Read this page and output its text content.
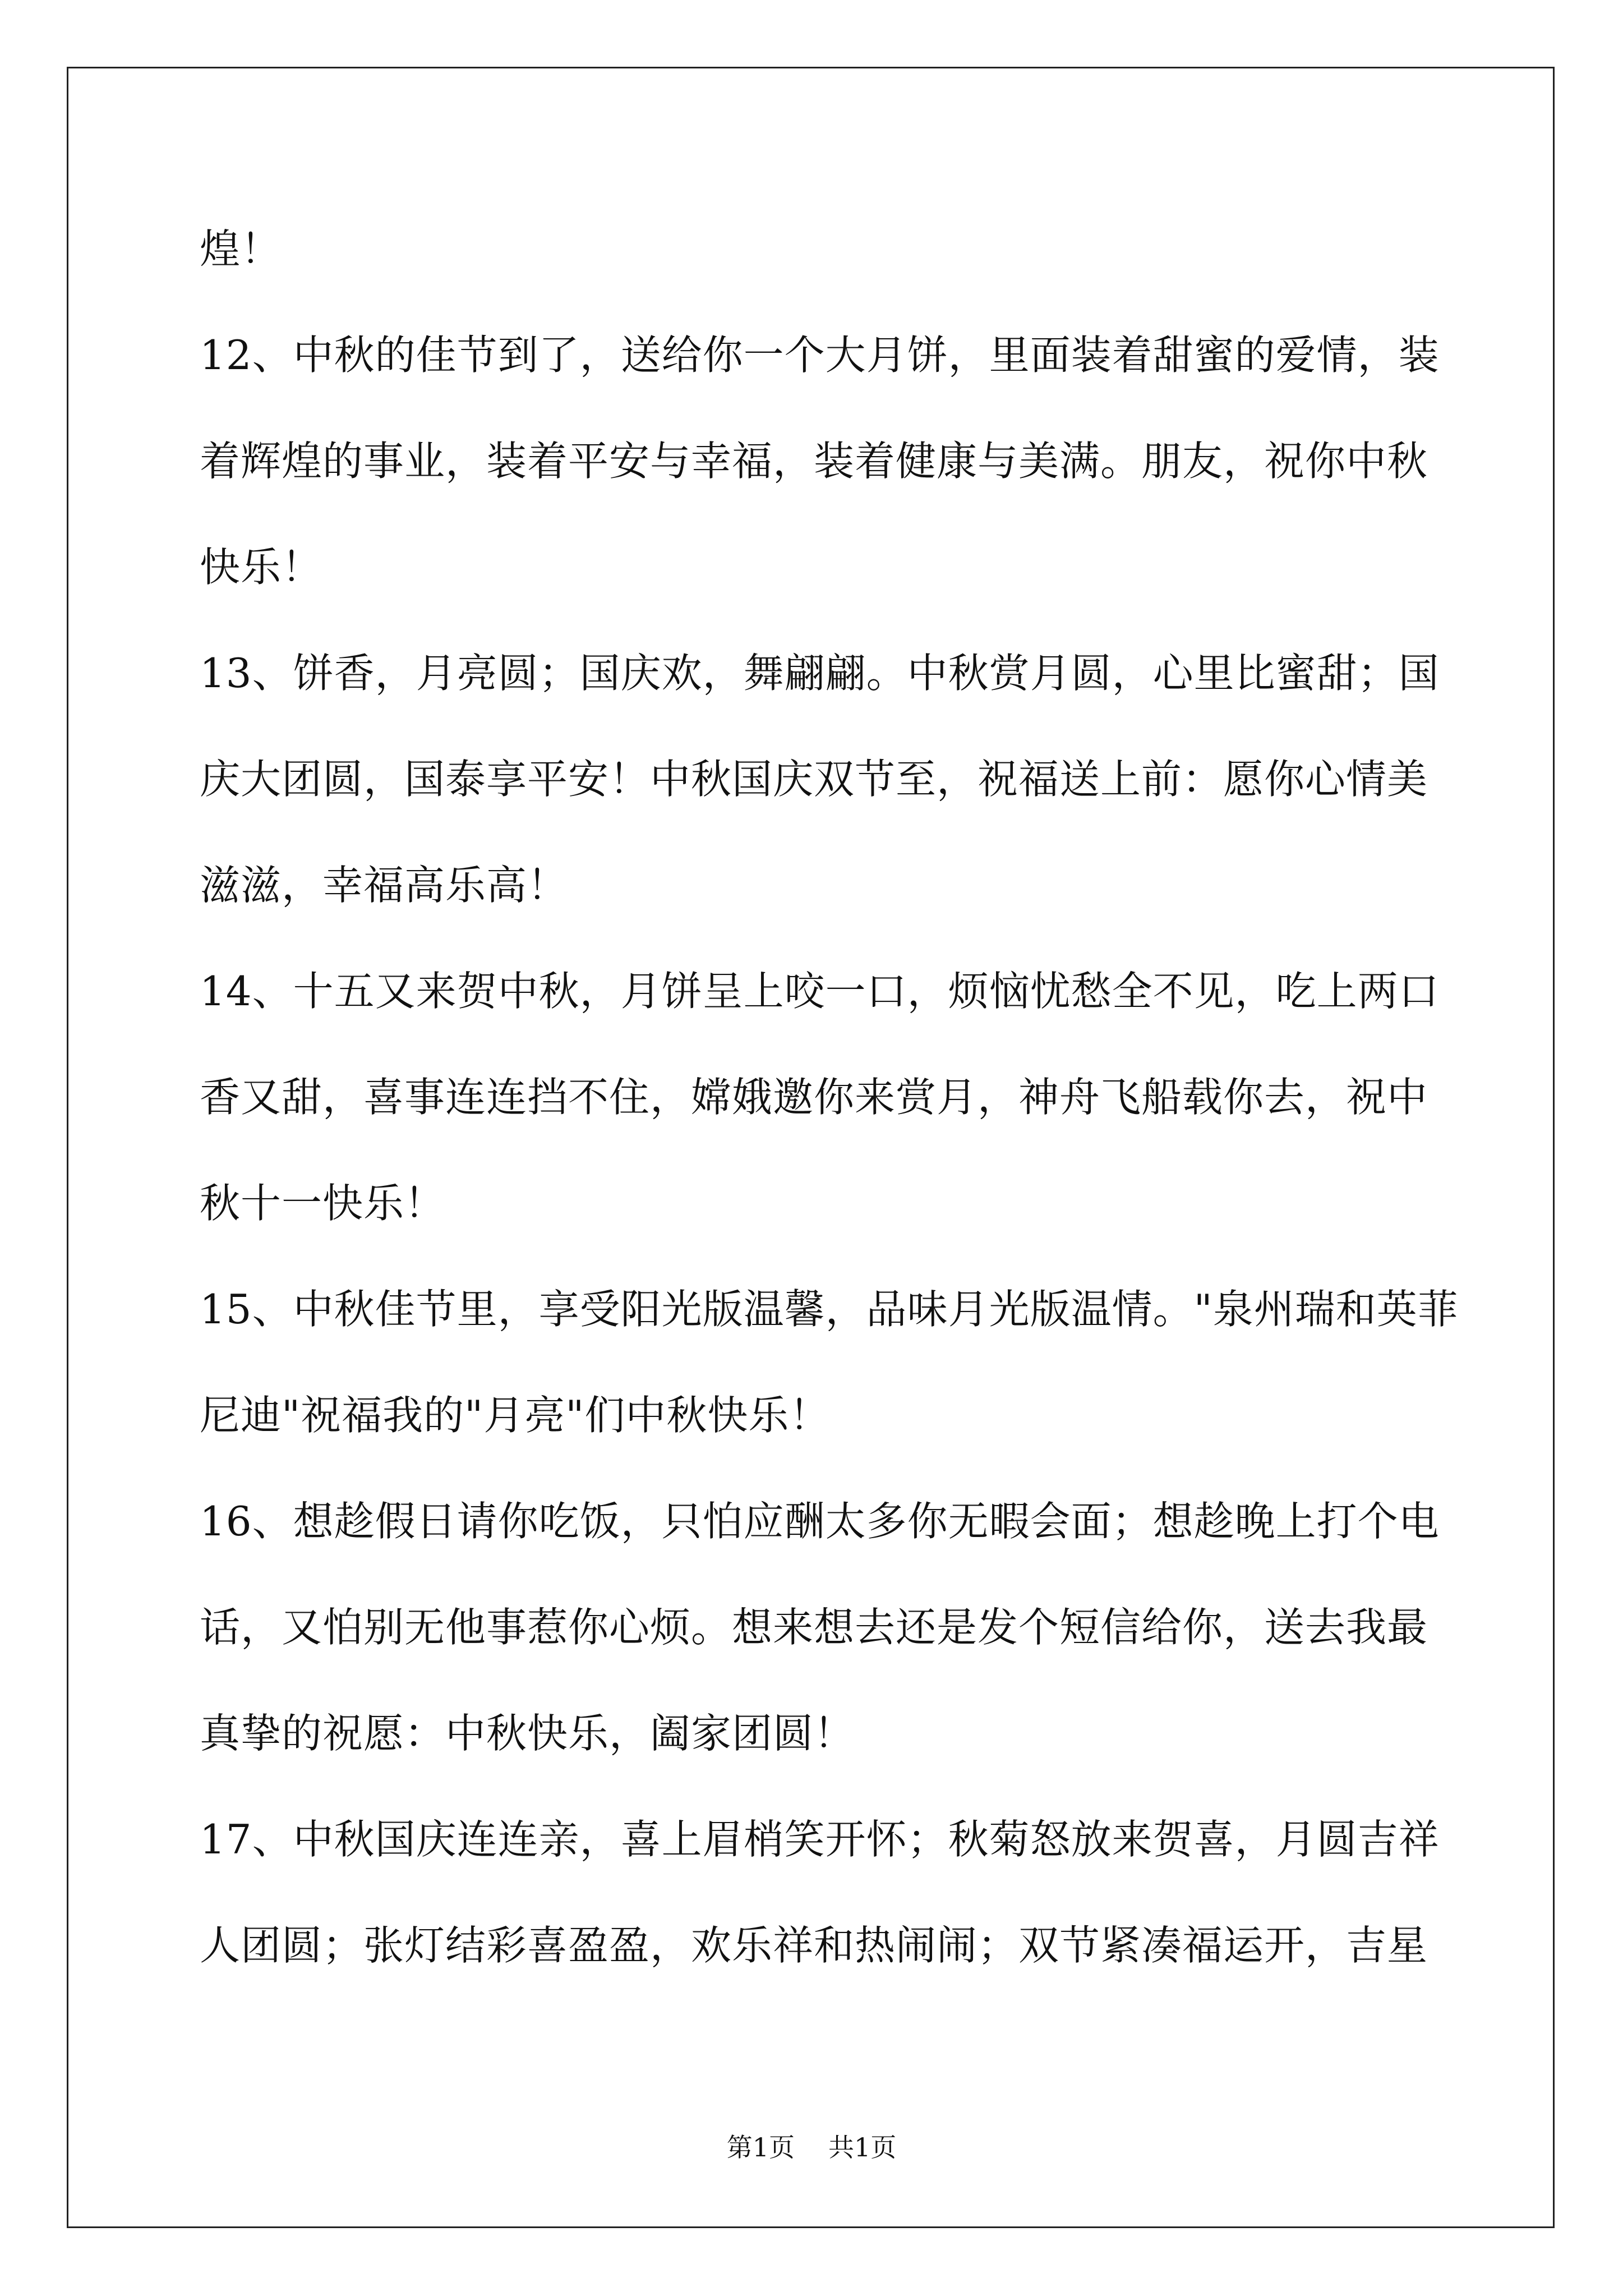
煌！
12、中秋的佳节到了，送给你一个大月饼，里面装着甜蜜的爱情，装
着辉煌的事业，装着平安与幸福，装着健康与美满。朋友，祝你中秋
快乐！
13、饼香，月亮圆；国庆欢，舞翩翩。中秋赏月圆，心里比蜜甜；国
庆大团圆，国泰享平安！中秋国庆双节至，祝福送上前：愿你心情美
滋滋，幸福高乐高！
14、十五又来贺中秋，月饼呈上咬一口，烦恼忧愁全不见，吃上两口
香又甜，喜事连连挡不住，嫦娥邀你来赏月，神舟飞船载你去，祝中
秋十一快乐！
15、中秋佳节里，享受阳光版温馨，品味月光版温情。"泉州瑞和英菲
尼迪"祝福我的"月亮"们中秋快乐！
16、想趁假日请你吃饭，只怕应酬太多你无暇会面；想趁晚上打个电
话，又怕别无他事惹你心烦。想来想去还是发个短信给你，送去我最
真挚的祝愿：中秋快乐，阖家团圆！
17、中秋国庆连连亲，喜上眉梢笑开怀；秋菊怒放来贺喜，月圆吉祥
人团圆；张灯结彩喜盈盈，欢乐祥和热闹闹；双节紧凑福运开，吉星
第1页 共1页
